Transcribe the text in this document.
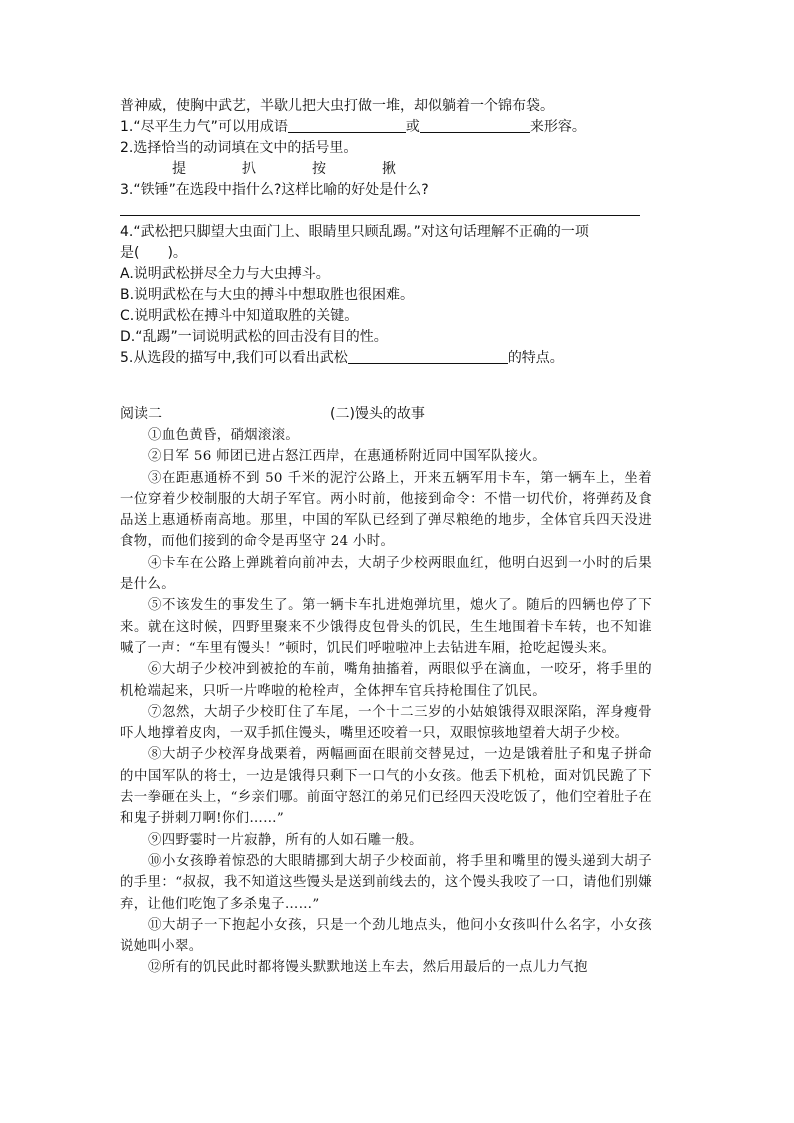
普神威，使胸中武艺，半歇儿把大虫打做一堆，却似躺着一个锦布袋。
1.“尽平生力气”可以用成语	或	来形容。
2.选择恰当的动词填在文中的括号里。
提	扒	按	揪
3.“铁锤”在选段中指什么?这样比喻的好处是什么?
4.“武松把只脚望大虫面门上、眼睛里只顾乱踢。”对这句话理解不正确的一项
是(　　)。
A.说明武松拼尽全力与大虫搏斗。
B.说明武松在与大虫的搏斗中想取胜也很困难。
C.说明武松在搏斗中知道取胜的关键。
D.“乱踢”一词说明武松的回击没有目的性。
5.从选段的描写中,我们可以看出武松	的特点。
阅读二	(二)馒头的故事

①血色黄昏，硝烟滚滚。

②日军 56 师团已进占怒江西岸，在惠通桥附近同中国军队接火。

③在距惠通桥不到 50 千米的泥泞公路上，开来五辆军用卡车，第一辆车上，坐着一位穿着少校制服的大胡子军官。两小时前，他接到命令：不惜一切代价，将弹药及食品送上惠通桥南高地。那里，中国的军队已经到了弹尽粮绝的地步，全体官兵四天没进食物，而他们接到的命令是再坚守 24 小时。

④卡车在公路上弹跳着向前冲去，大胡子少校两眼血红，他明白迟到一小时的后果是什么。

⑤不该发生的事发生了。第一辆卡车扎进炮弹坑里，熄火了。随后的四辆也停了下来。就在这时候，四野里聚来不少饿得皮包骨头的饥民，生生地围着卡车转，也不知谁喊了一声：“车里有馒头！”顿时，饥民们呼啦啦冲上去钻进车厢，抢吃起馒头来。

⑥大胡子少校冲到被抢的车前，嘴角抽搐着，两眼似乎在滴血，一咬牙，将手里的机枪端起来，只听一片哗啦的枪栓声，全体押车官兵持枪围住了饥民。

⑦忽然，大胡子少校盯住了车尾，一个十二三岁的小姑娘饿得双眼深陷，浑身瘦骨吓人地撑着皮肉，一双手抓住馒头，嘴里还咬着一只，双眼惊骇地望着大胡子少校。

⑧大胡子少校浑身战栗着，两幅画面在眼前交替晃过，一边是饿着肚子和鬼子拼命的中国军队的将士，一边是饿得只剩下一口气的小女孩。他丢下机枪，面对饥民跪了下去一拳砸在头上，“乡亲们哪。前面守怒江的弟兄们已经四天没吃饭了，他们空着肚子在和鬼子拼刺刀啊!你们……”

⑨四野霎时一片寂静，所有的人如石雕一般。

⑩小女孩睁着惊恐的大眼睛挪到大胡子少校面前，将手里和嘴里的馒头递到大胡子的手里：“叔叔，我不知道这些馒头是送到前线去的，这个馒头我咬了一口，请他们别嫌弃，让他们吃饱了多杀鬼子……”

⑪大胡子一下抱起小女孩，只是一个劲儿地点头，他问小女孩叫什么名字，小女孩说她叫小翠。

⑫所有的饥民此时都将馒头默默地送上车去，然后用最后的一点儿力气抱
